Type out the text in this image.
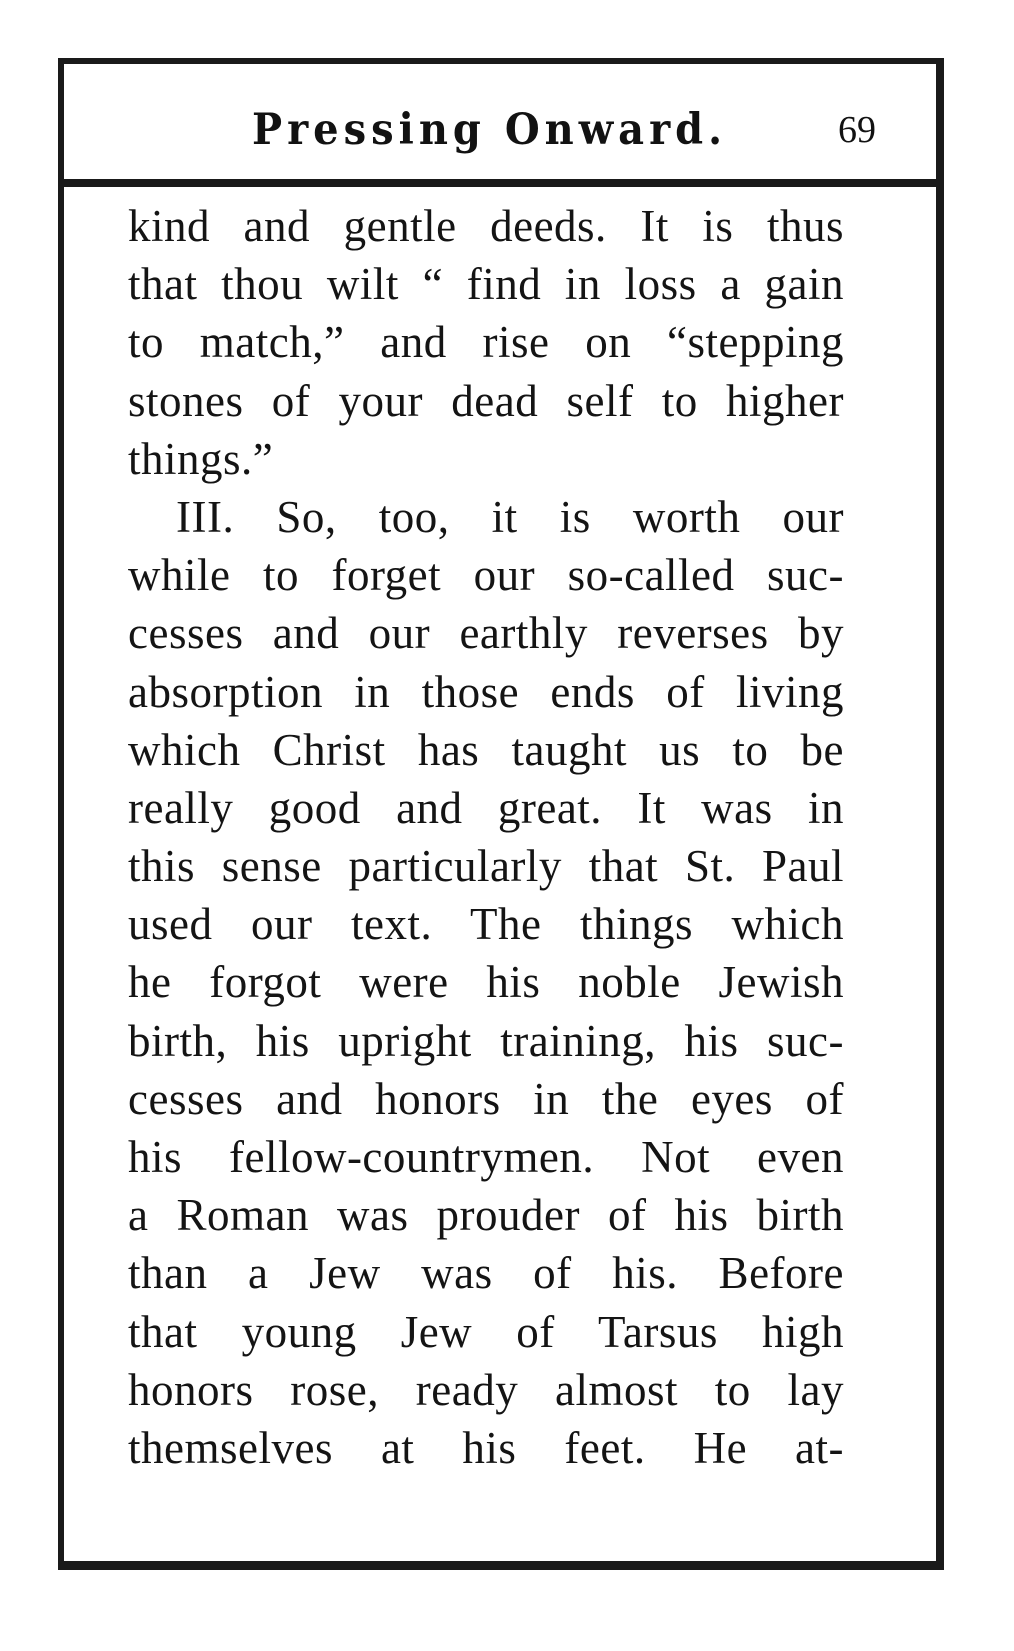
Pressing Onward.	69
kind and gentle deeds. It is thus
that thou wilt “ find in loss a gain
to match,” and rise on “stepping
stones of your dead self to higher
things.”
III. So, too, it is worth our
while to forget our so-called suc-
cesses and our earthly reverses by
absorption in those ends of living
which Christ has taught us to be
really good and great. It was in
this sense particularly that St. Paul
used our text. The things which
he forgot were his noble Jewish
birth, his upright training, his suc-
cesses and honors in the eyes of
his fellow-countrymen. Not even
a Roman was prouder of his birth
than a Jew was of his. Before
that young Jew of Tarsus high
honors rose, ready almost to lay
themselves at his feet. He at-
